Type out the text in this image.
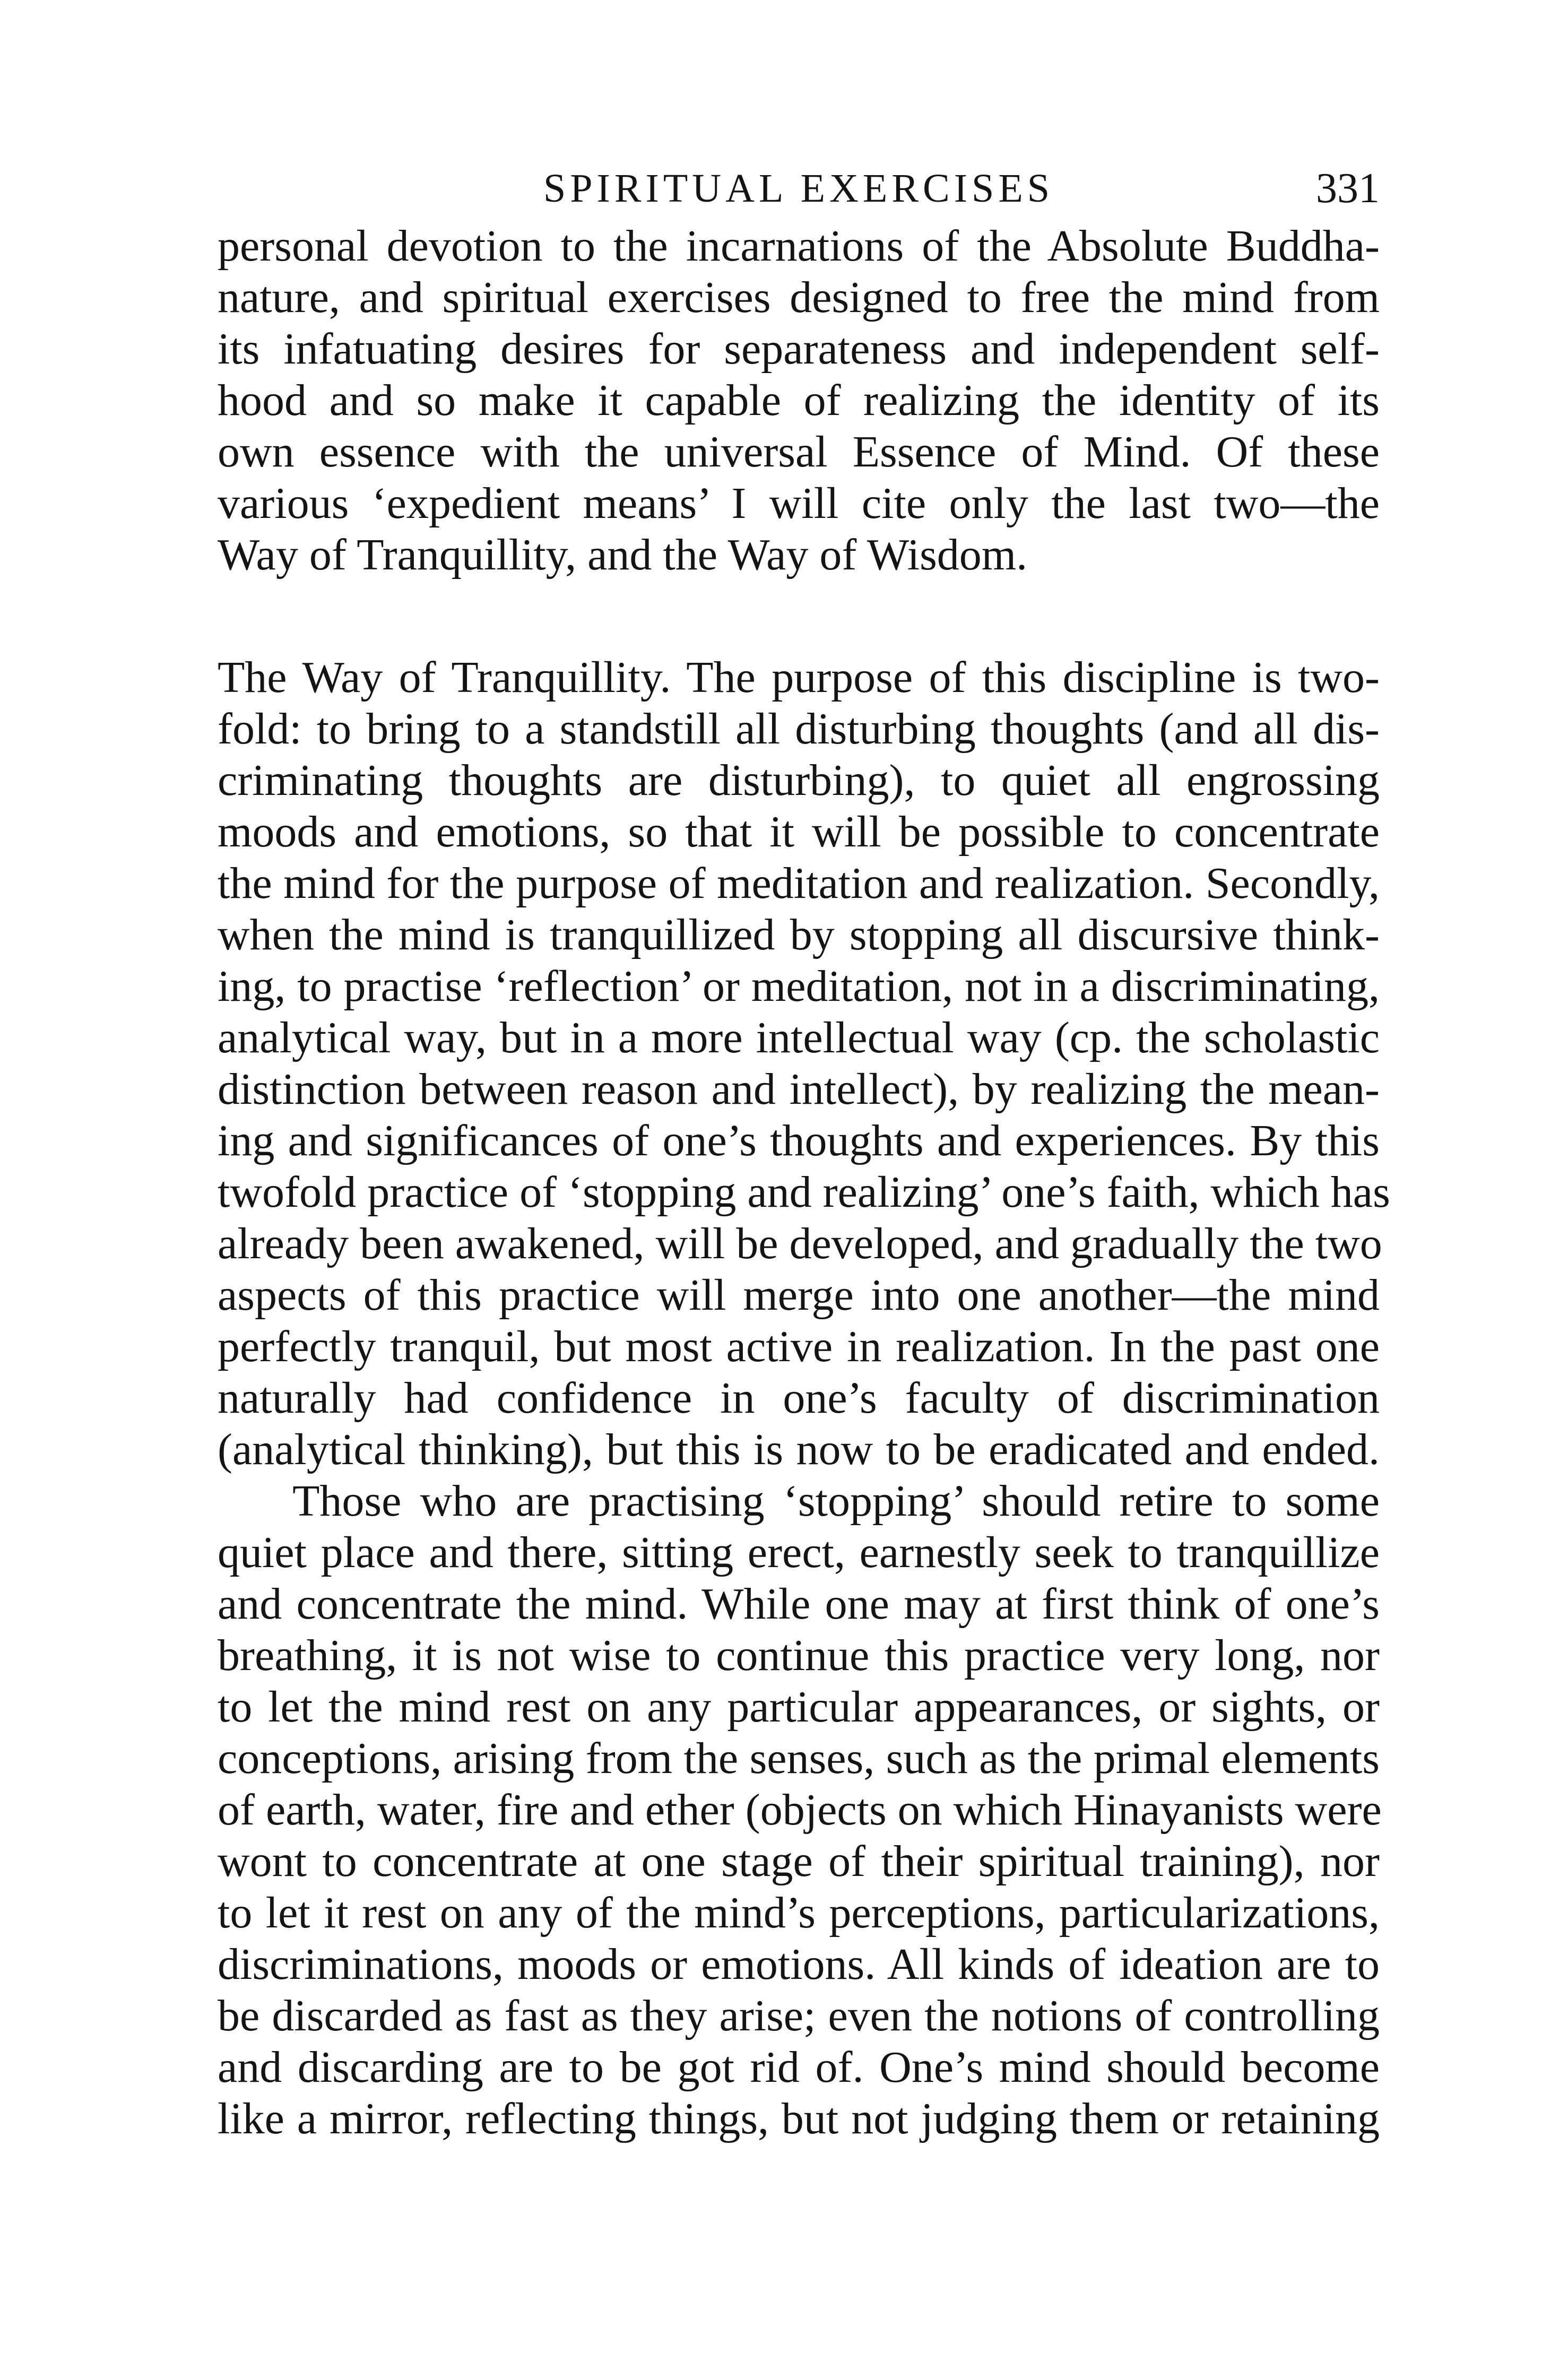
SPIRITUAL EXERCISES	331
personal devotion to the incarnations of the Absolute Buddha-
nature, and spiritual exercises designed to free the mind from
its infatuating desires for separateness and independent self-
hood and so make it capable of realizing the identity of its
own essence with the universal Essence of Mind. Of these
various ‘expedient means’ I will cite only the last two—the
Way of Tranquillity, and the Way of Wisdom.
The Way of Tranquillity. The purpose of this discipline is two-
fold: to bring to a standstill all disturbing thoughts (and all dis-
criminating thoughts are disturbing), to quiet all engrossing
moods and emotions, so that it will be possible to concentrate
the mind for the purpose of meditation and realization. Secondly,
when the mind is tranquillized by stopping all discursive think-
ing, to practise ‘reflection’ or meditation, not in a discriminating,
analytical way, but in a more intellectual way (cp. the scholastic
distinction between reason and intellect), by realizing the mean-
ing and significances of one’s thoughts and experiences. By this
twofold practice of ‘stopping and realizing’ one’s faith, which has
already been awakened, will be developed, and gradually the two
aspects of this practice will merge into one another—the mind
perfectly tranquil, but most active in realization. In the past one
naturally had confidence in one’s faculty of discrimination
(analytical thinking), but this is now to be eradicated and ended.
Those who are practising ‘stopping’ should retire to some
quiet place and there, sitting erect, earnestly seek to tranquillize
and concentrate the mind. While one may at first think of one’s
breathing, it is not wise to continue this practice very long, nor
to let the mind rest on any particular appearances, or sights, or
conceptions, arising from the senses, such as the primal elements
of earth, water, fire and ether (objects on which Hinayanists were
wont to concentrate at one stage of their spiritual training), nor
to let it rest on any of the mind’s perceptions, particularizations,
discriminations, moods or emotions. All kinds of ideation are to
be discarded as fast as they arise; even the notions of controlling
and discarding are to be got rid of. One’s mind should become
like a mirror, reflecting things, but not judging them or retaining
